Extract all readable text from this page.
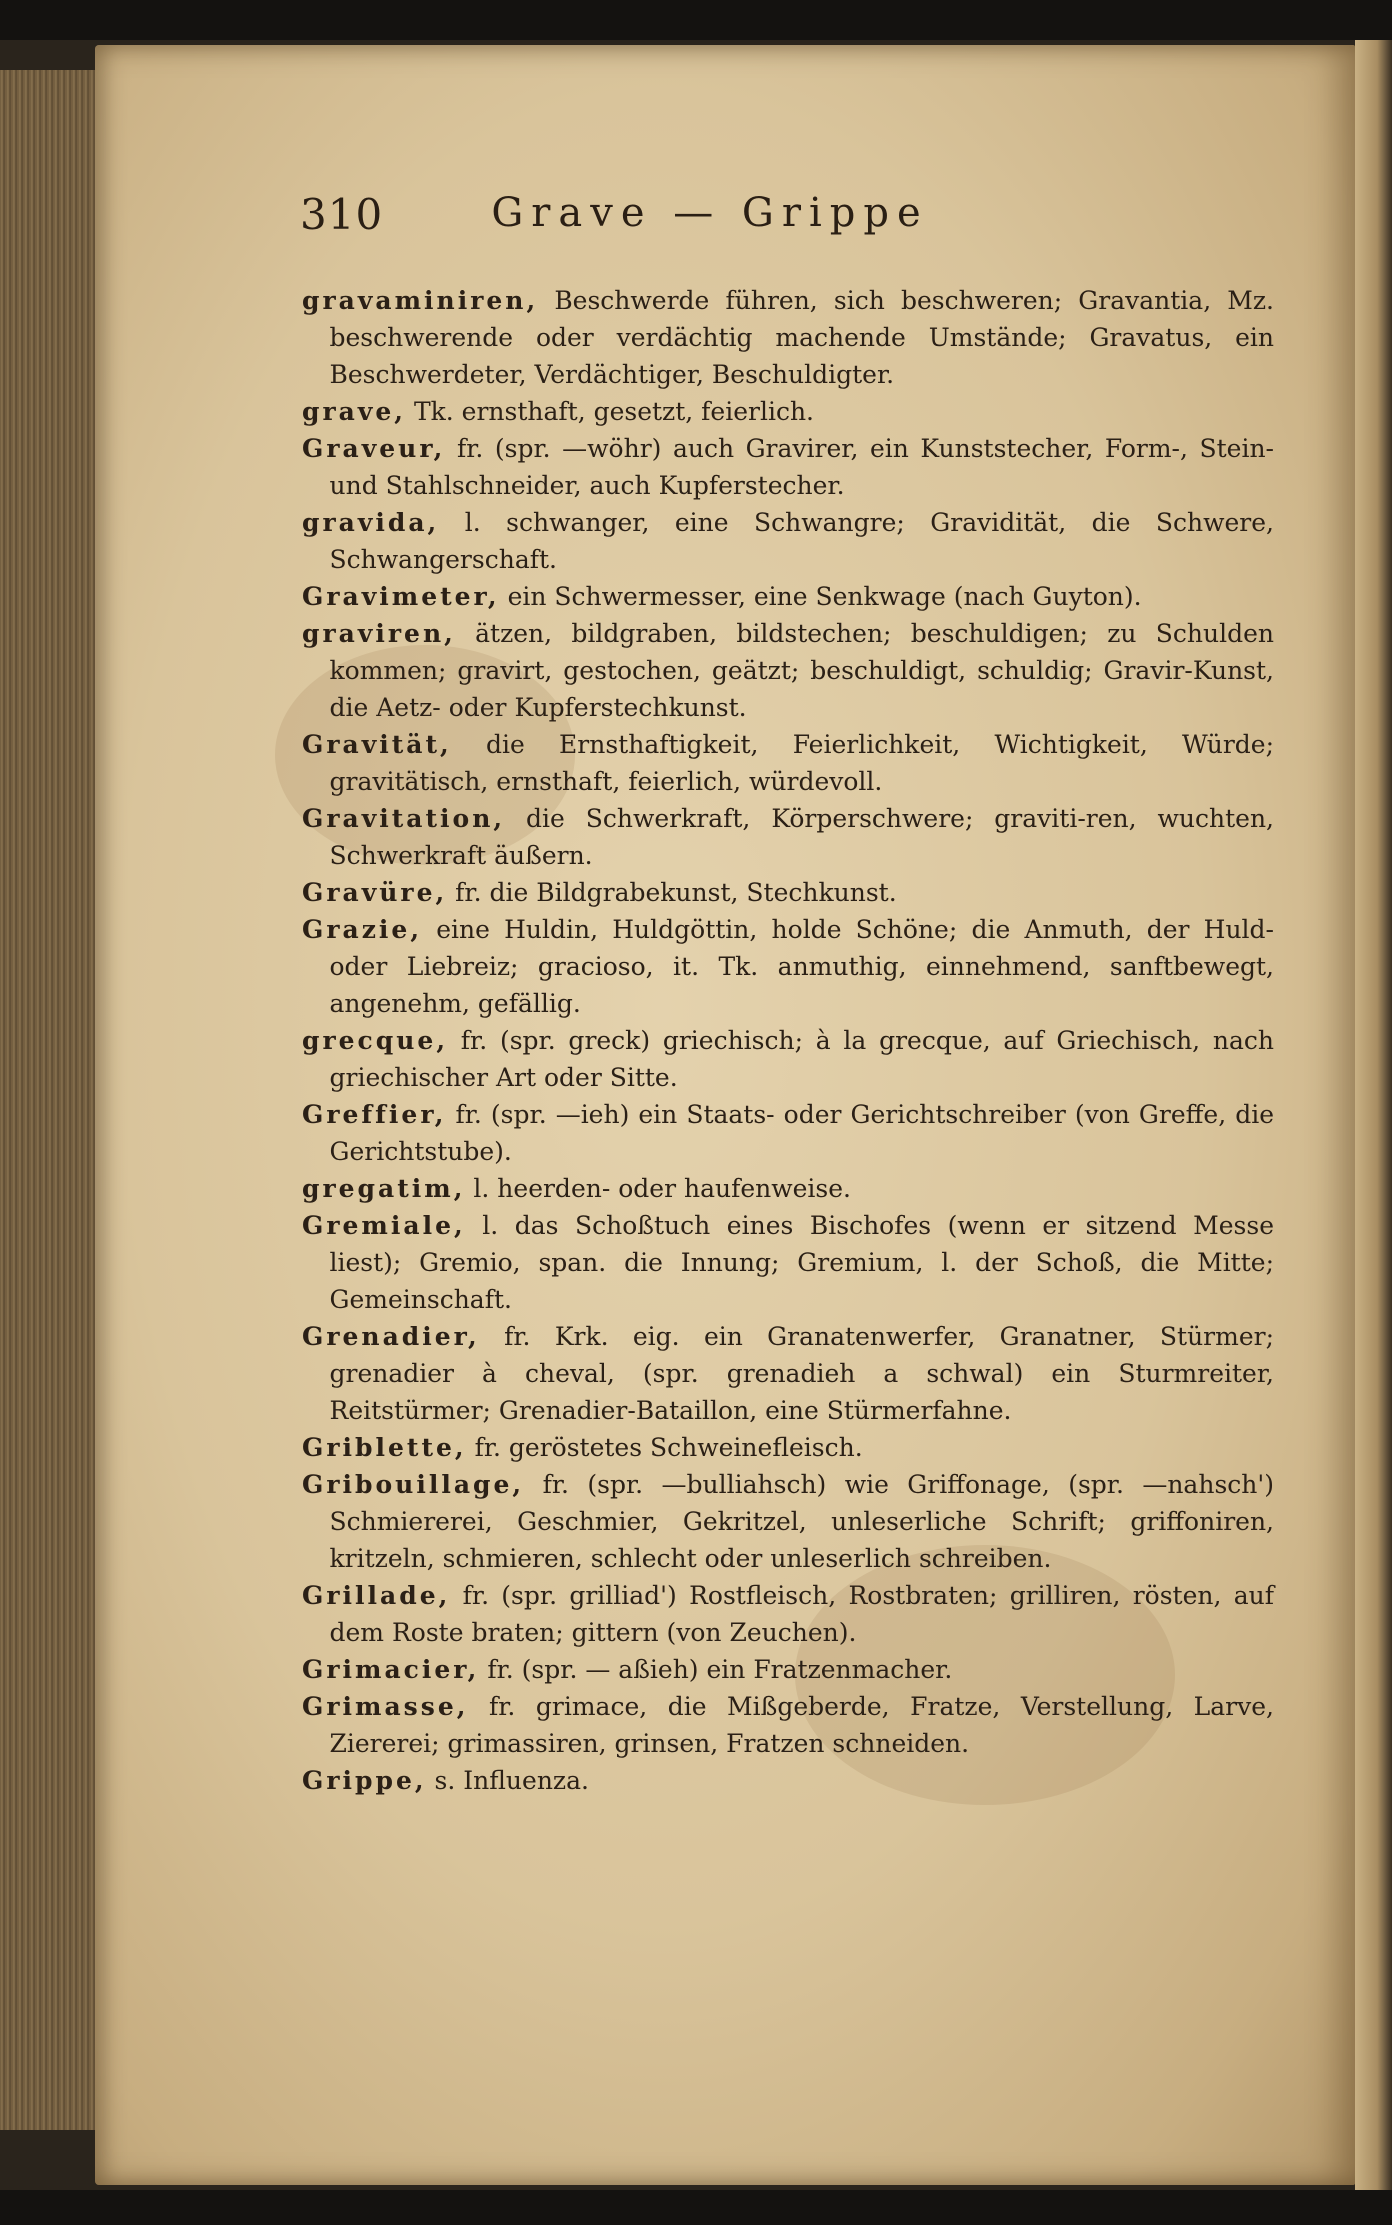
310	Grave — Grippe

gravaminiren, Beschwerde führen, sich beschweren; Gravantia, Mz. beschwerende oder verdächtig machende Umstände; Gravatus, ein Beschwerdeter, Verdächtiger, Beschuldigter.

grave, Tk. ernsthaft, gesetzt, feierlich.

Graveur, fr. (spr. —wöhr) auch Gravirer, ein Kunststecher, Form-, Stein- und Stahlschneider, auch Kupferstecher.

gravida, l. schwanger, eine Schwangre; Gravidität, die Schwere, Schwangerschaft.

Gravimeter, ein Schwermesser, eine Senkwage (nach Guyton).

graviren, ätzen, bildgraben, bildstechen; beschuldigen; zu Schulden kommen; gravirt, gestochen, geätzt; beschuldigt, schuldig; Gravir-Kunst, die Aetz- oder Kupferstechkunst.

Gravität, die Ernsthaftigkeit, Feierlichkeit, Wichtigkeit, Würde; gravitätisch, ernsthaft, feierlich, würdevoll.

Gravitation, die Schwerkraft, Körperschwere; graviti-ren, wuchten, Schwerkraft äußern.

Gravüre, fr. die Bildgrabekunst, Stechkunst.

Grazie, eine Huldin, Huldgöttin, holde Schöne; die Anmuth, der Huld- oder Liebreiz; gracioso, it. Tk. anmuthig, einnehmend, sanftbewegt, angenehm, gefällig.

grecque, fr. (spr. greck) griechisch; à la grecque, auf Griechisch, nach griechischer Art oder Sitte.

Greffier, fr. (spr. —ieh) ein Staats- oder Gerichtschreiber (von Greffe, die Gerichtstube).

gregatim, l. heerden- oder haufenweise.

Gremiale, l. das Schoßtuch eines Bischofes (wenn er sitzend Messe liest); Gremio, span. die Innung; Gremium, l. der Schoß, die Mitte; Gemeinschaft.

Grenadier, fr. Krk. eig. ein Granatenwerfer, Granatner, Stürmer; grenadier à cheval, (spr. grenadieh a schwal) ein Sturmreiter, Reitstürmer; Grenadier-Bataillon, eine Stürmerfahne.

Griblette, fr. geröstetes Schweinefleisch.

Gribouillage, fr. (spr. —bulliahsch) wie Griffonage, (spr. —nahsch') Schmiererei, Geschmier, Gekritzel, unleserliche Schrift; griffoniren, kritzeln, schmieren, schlecht oder unleserlich schreiben.

Grillade, fr. (spr. grilliad') Rostfleisch, Rostbraten; grilliren, rösten, auf dem Roste braten; gittern (von Zeuchen).

Grimacier, fr. (spr. — aßieh) ein Fratzenmacher.

Grimasse, fr. grimace, die Mißgeberde, Fratze, Verstellung, Larve, Ziererei; grimassiren, grinsen, Fratzen schneiden.

Grippe, s. Influenza.
